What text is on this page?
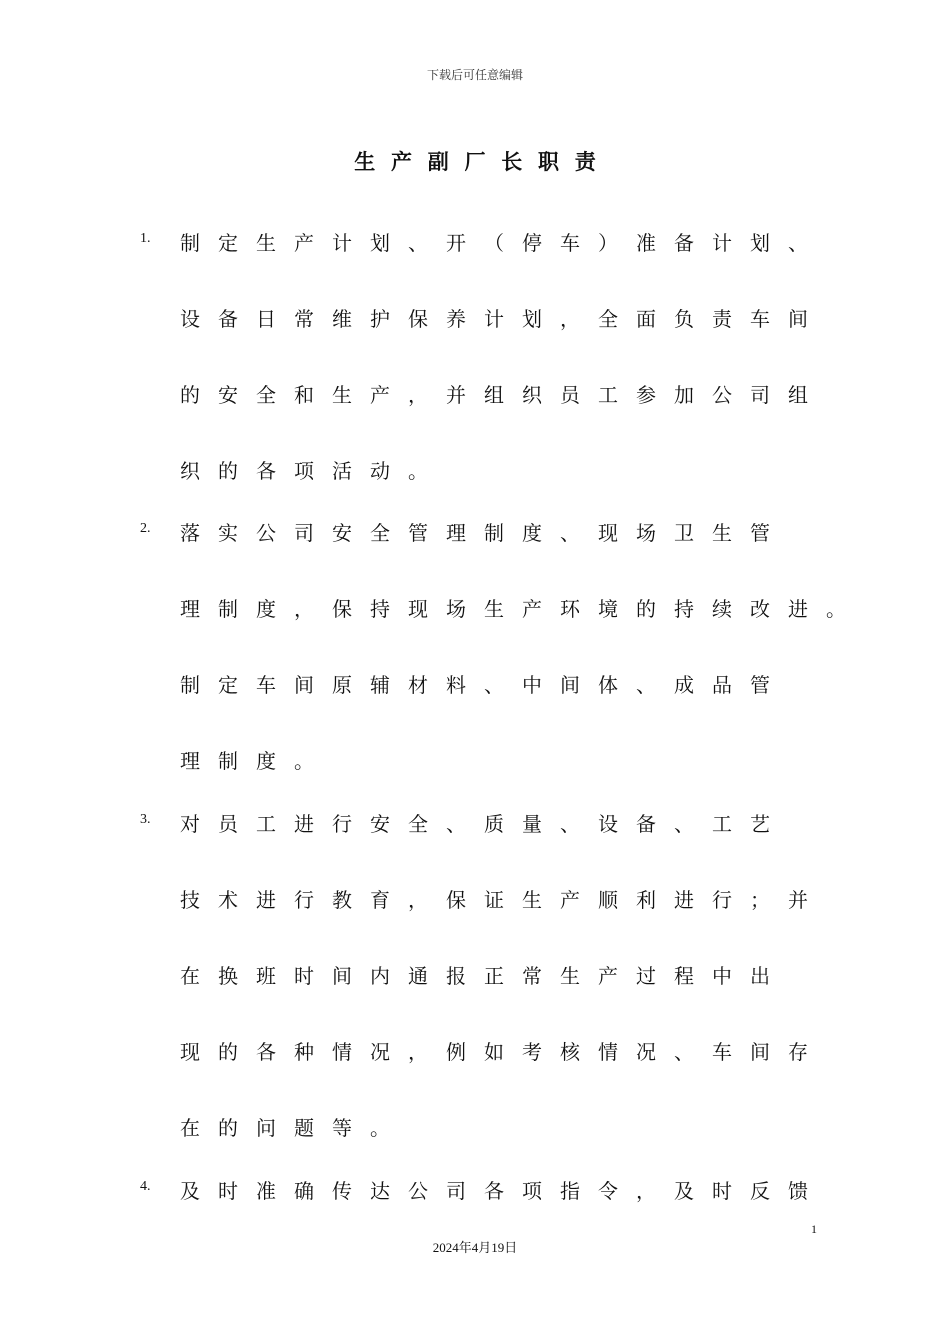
下载后可任意编辑
生产副厂长职责
1. 制定生产计划、开（停车）准备计划、
设备日常维护保养计划，全面负责车间
的安全和生产，并组织员工参加公司组
织的各项活动。
2. 落实公司安全管理制度、现场卫生管
理制度，保持现场生产环境的持续改进。
制定车间原辅材料、中间体、成品管
理制度。
3. 对员工进行安全、质量、设备、工艺
技术进行教育，保证生产顺利进行；并
在换班时间内通报正常生产过程中出
现的各种情况，例如考核情况、车间存
在的问题等。
4. 及时准确传达公司各项指令，及时反馈
1
2024年4月19日
